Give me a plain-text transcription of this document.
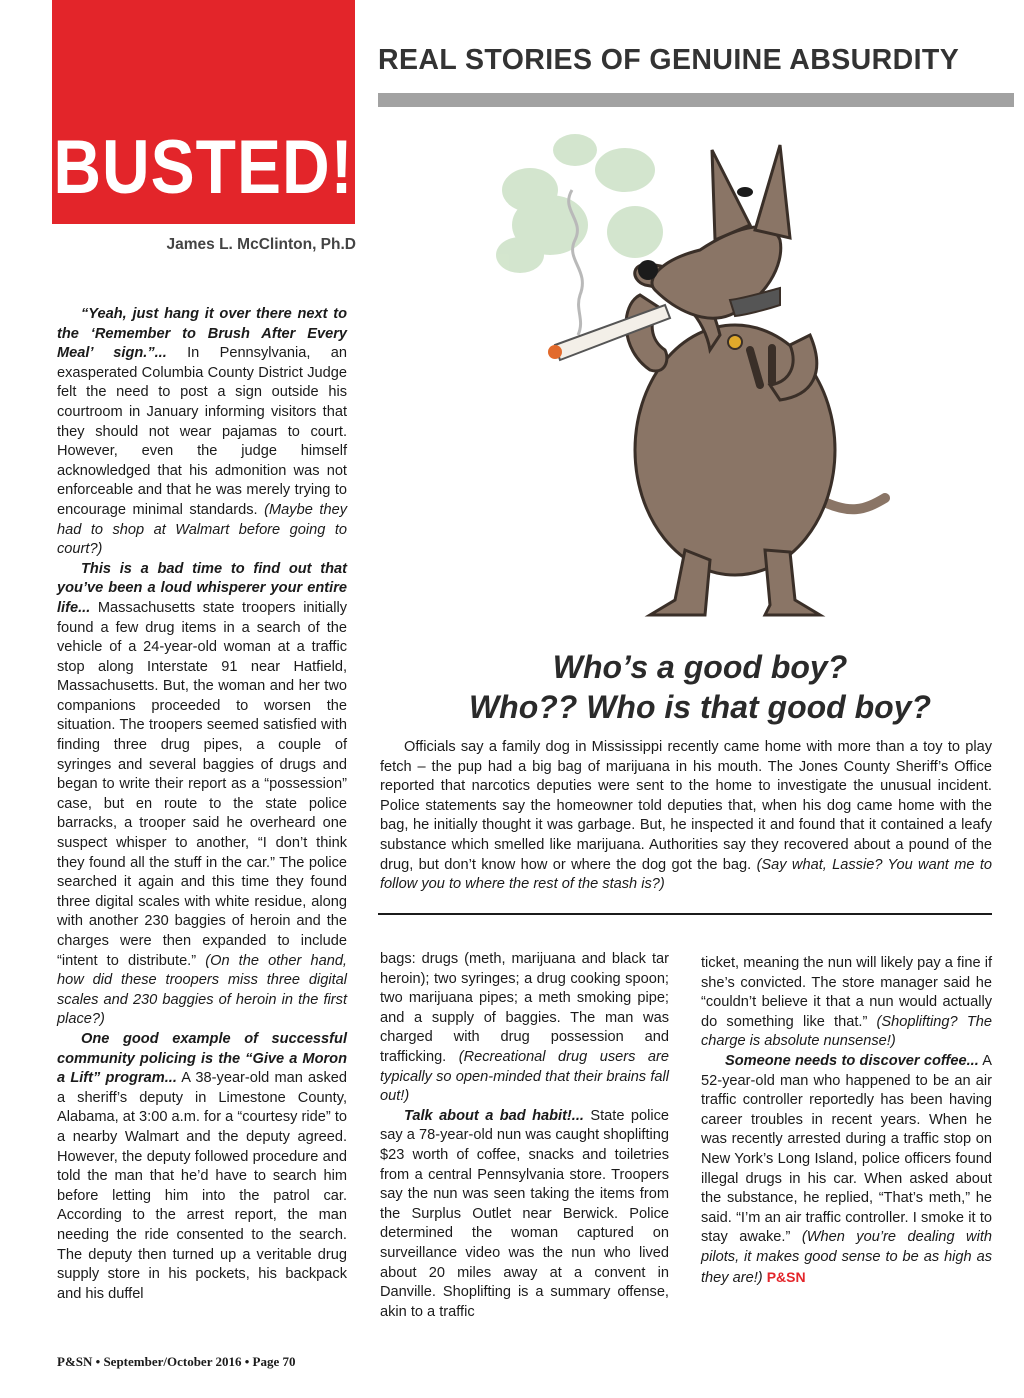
BUSTED!
REAL STORIES OF GENUINE ABSURDITY
James L. McClinton, Ph.D
Who’s a good boy?
Who?? Who is that good boy?

Officials say a family dog in Mississippi recently came home with more than a toy to play fetch – the pup had a big bag of marijuana in his mouth. The Jones County Sheriff’s Office reported that narcotics deputies were sent to the home to investigate the unusual incident. Police statements say the homeowner told deputies that, when his dog came home with the bag, he initially thought it was garbage. But, he inspected it and found that it contained a leafy substance which smelled like marijuana. Authorities say they recovered about a pound of the drug, but don’t know how or where the dog got the bag. (Say what, Lassie? You want me to follow you to where the rest of the stash is?)

“Yeah, just hang it over there next to the ‘Remember to Brush After Every Meal’ sign.”... In Pennsylvania, an exasperated Columbia County District Judge felt the need to post a sign outside his courtroom in January informing visitors that they should not wear pajamas to court. However, even the judge himself acknowledged that his admonition was not enforceable and that he was merely trying to encourage minimal standards. (Maybe they had to shop at Walmart before going to court?)

This is a bad time to find out that you’ve been a loud whisperer your entire life... Massachusetts state troopers initially found a few drug items in a search of the vehicle of a 24-year-old woman at a traffic stop along Interstate 91 near Hatfield, Massachusetts. But, the woman and her two companions proceeded to worsen the situation. The troopers seemed satisfied with finding three drug pipes, a couple of syringes and several baggies of drugs and began to write their report as a “possession” case, but en route to the state police barracks, a trooper said he overheard one suspect whisper to another, “I don’t think they found all the stuff in the car.” The police searched it again and this time they found three digital scales with white residue, along with another 230 baggies of heroin and the charges were then expanded to include “intent to distribute.” (On the other hand, how did these troopers miss three digital scales and 230 baggies of heroin in the first place?)

One good example of successful community policing is the “Give a Moron a Lift” program... A 38-year-old man asked a sheriff’s deputy in Limestone County, Alabama, at 3:00 a.m. for a “courtesy ride” to a nearby Walmart and the deputy agreed. However, the deputy followed procedure and told the man that he’d have to search him before letting him into the patrol car. According to the arrest report, the man needing the ride consented to the search. The deputy then turned up a veritable drug supply store in his pockets, his backpack and his duffel

bags: drugs (meth, marijuana and black tar heroin); two syringes; a drug cooking spoon; two marijuana pipes; a meth smoking pipe; and a supply of baggies. The man was charged with drug possession and trafficking. (Recreational drug users are typically so open-minded that their brains fall out!)

Talk about a bad habit!... State police say a 78-year-old nun was caught shoplifting $23 worth of coffee, snacks and toiletries from a central Pennsylvania store. Troopers say the nun was seen taking the items from the Surplus Outlet near Berwick. Police determined the woman captured on surveillance video was the nun who lived about 20 miles away at a convent in Danville. Shoplifting is a summary offense, akin to a traffic

ticket, meaning the nun will likely pay a fine if she’s convicted. The store manager said he “couldn’t believe it that a nun would actually do something like that.” (Shoplifting? The charge is absolute nunsense!)

Someone needs to discover coffee... A 52-year-old man who happened to be an air traffic controller reportedly has been having career troubles in recent years. When he was recently arrested during a traffic stop on New York’s Long Island, police officers found illegal drugs in his car. When asked about the substance, he replied, “That’s meth,” he said. “I’m an air traffic controller. I smoke it to stay awake.” (When you’re dealing with pilots, it makes good sense to be as high as they are!) P&SN

P&SN • September/October 2016 • Page 70
